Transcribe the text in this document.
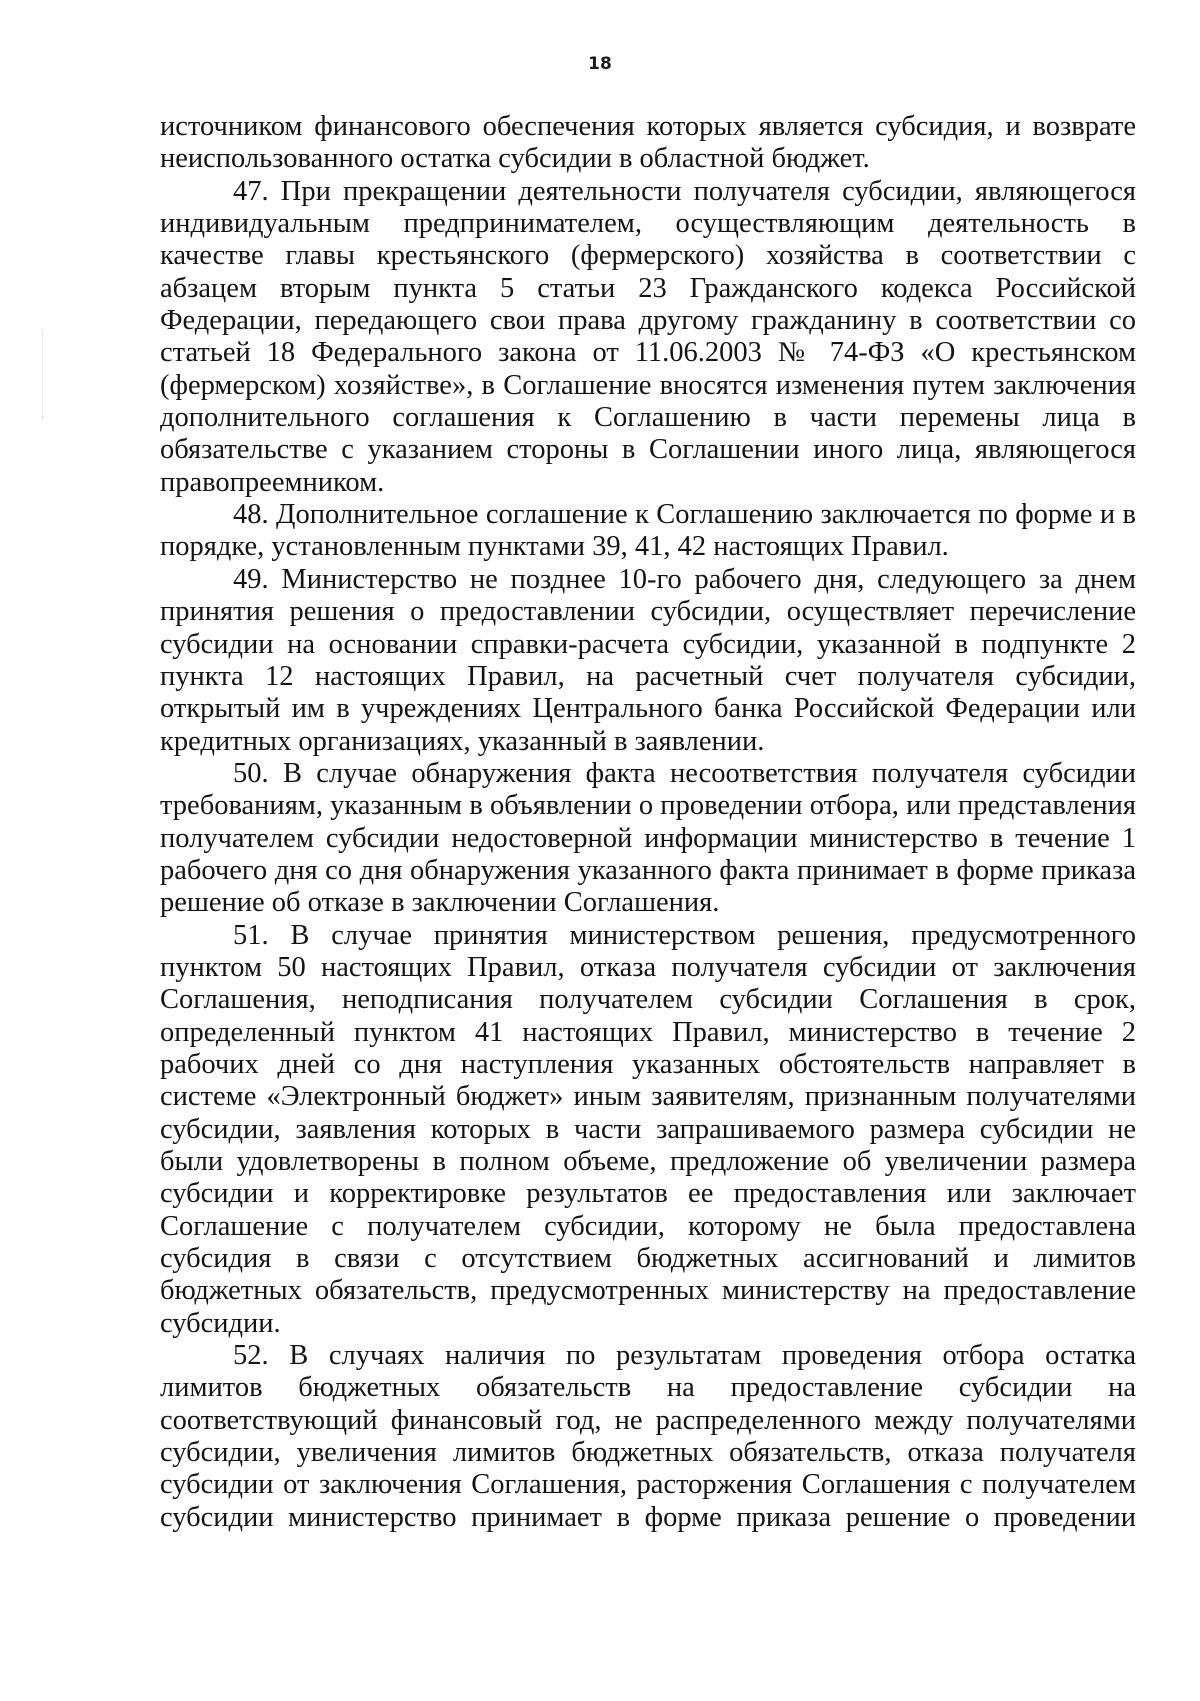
18

источником финансового обеспечения которых является субсидия, и возврате неиспользованного остатка субсидии в областной бюджет.

47. При прекращении деятельности получателя субсидии, являющегося индивидуальным предпринимателем, осуществляющим деятельность в качестве главы крестьянского (фермерского) хозяйства в соответствии с абзацем вторым пункта 5 статьи 23 Гражданского кодекса Российской Федерации, передающего свои права другому гражданину в соответствии со статьей 18 Федерального закона от 11.06.2003 № 74-ФЗ «О крестьянском (фермерском) хозяйстве», в Соглашение вносятся изменения путем заключения дополнительного соглашения к Соглашению в части перемены лица в обязательстве с указанием стороны в Соглашении иного лица, являющегося правопреемником.

48. Дополнительное соглашение к Соглашению заключается по форме и в порядке, установленным пунктами 39, 41, 42 настоящих Правил.

49. Министерство не позднее 10-го рабочего дня, следующего за днем принятия решения о предоставлении субсидии, осуществляет перечисление субсидии на основании справки-расчета субсидии, указанной в подпункте 2 пункта 12 настоящих Правил, на расчетный счет получателя субсидии, открытый им в учреждениях Центрального банка Российской Федерации или кредитных организациях, указанный в заявлении.

50. В случае обнаружения факта несоответствия получателя субсидии требованиям, указанным в объявлении о проведении отбора, или представления получателем субсидии недостоверной информации министерство в течение 1 рабочего дня со дня обнаружения указанного факта принимает в форме приказа решение об отказе в заключении Соглашения.

51. В случае принятия министерством решения, предусмотренного пунктом 50 настоящих Правил, отказа получателя субсидии от заключения Соглашения, неподписания получателем субсидии Соглашения в срок, определенный пунктом 41 настоящих Правил, министерство в течение 2 рабочих дней со дня наступления указанных обстоятельств направляет в системе «Электронный бюджет» иным заявителям, признанным получателями субсидии, заявления которых в части запрашиваемого размера субсидии не были удовлетворены в полном объеме, предложение об увеличении размера субсидии и корректировке результатов ее предоставления или заключает Соглашение с получателем субсидии, которому не была предоставлена субсидия в связи с отсутствием бюджетных ассигнований и лимитов бюджетных обязательств, предусмотренных министерству на предоставление субсидии.

52. В случаях наличия по результатам проведения отбора остатка лимитов бюджетных обязательств на предоставление субсидии на соответствующий финансовый год, не распределенного между получателями субсидии, увеличения лимитов бюджетных обязательств, отказа получателя субсидии от заключения Соглашения, расторжения Соглашения с получателем субсидии министерство принимает в форме приказа решение о проведении
